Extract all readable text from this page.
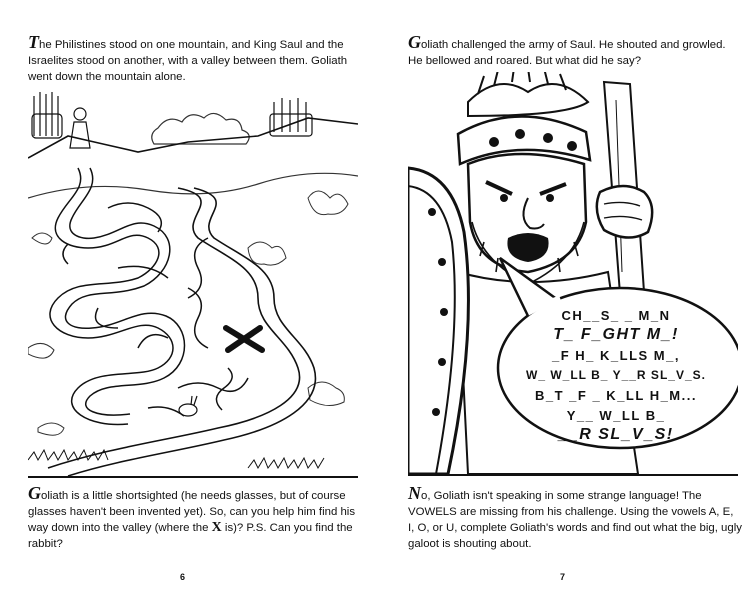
The Philistines stood on one mountain, and King Saul and the Israelites stood on another, with a valley between them. Goliath went down the mountain alone.

Goliath is a little shortsighted (he needs glasses, but of course glasses haven't been invented yet). So, can you help him find his way down into the valley (where the X is)? P.S. Can you find the rabbit?

6

Goliath challenged the army of Saul. He shouted and growled. He bellowed and roared. But what did he say?

CH__S_ _ M_N
T_ F_GHT M_!
_F H_ K_LLS M_,
W_ W_LL B_ Y__R SL_V_S.
B_T _F _ K_LL H_M...
Y__ W_LL B_
__R SL_V_S!

No, Goliath isn't speaking in some strange language! The VOWELS are missing from his challenge. Using the vowels A, E, I, O, or U, complete Goliath's words and find out what the big, ugly galoot is shouting about.

7
